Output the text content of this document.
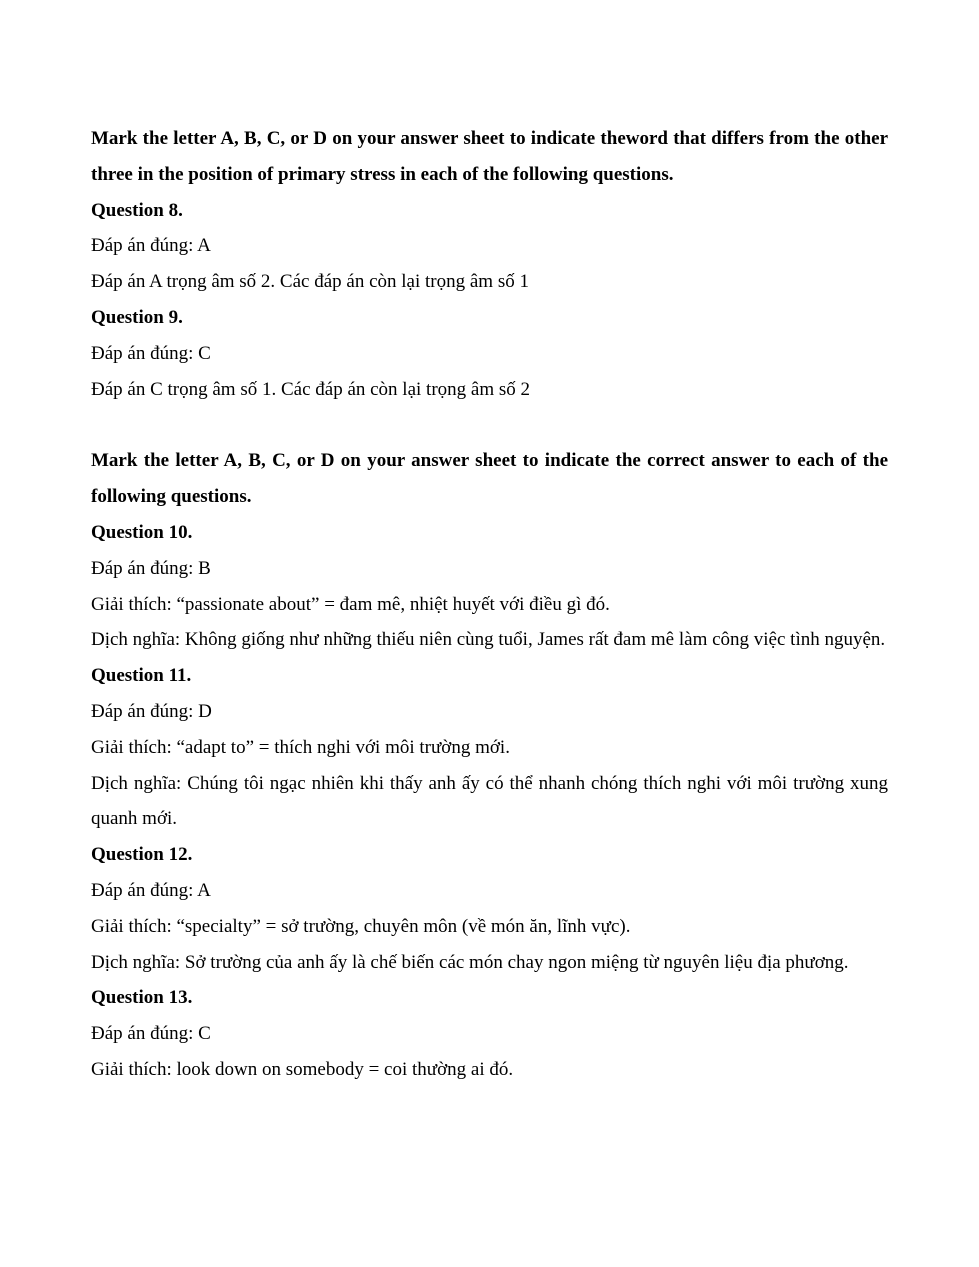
Mark the letter A, B, C, or D on your answer sheet to indicate theword that differs from the other three in the position of primary stress in each of the following questions.

Question 8.

Đáp án đúng: A

Đáp án A trọng âm số 2. Các đáp án còn lại trọng âm số 1

Question 9.

Đáp án đúng: C

Đáp án C trọng âm số 1. Các đáp án còn lại trọng âm số 2

Mark the letter A, B, C, or D on your answer sheet to indicate the correct answer to each of the following questions.

Question 10.

Đáp án đúng: B

Giải thích: “passionate about” = đam mê, nhiệt huyết với điều gì đó.

Dịch nghĩa: Không giống như những thiếu niên cùng tuổi, James rất đam mê làm công việc tình nguyện.

Question 11.

Đáp án đúng: D

Giải thích: “adapt to” = thích nghi với môi trường mới.

Dịch nghĩa: Chúng tôi ngạc nhiên khi thấy anh ấy có thể nhanh chóng thích nghi với môi trường xung quanh mới.

Question 12.

Đáp án đúng: A

Giải thích: “specialty” = sở trường, chuyên môn (về món ăn, lĩnh vực).

Dịch nghĩa: Sở trường của anh ấy là chế biến các món chay ngon miệng từ nguyên liệu địa phương.

Question 13.

Đáp án đúng: C

Giải thích: look down on somebody = coi thường ai đó.
